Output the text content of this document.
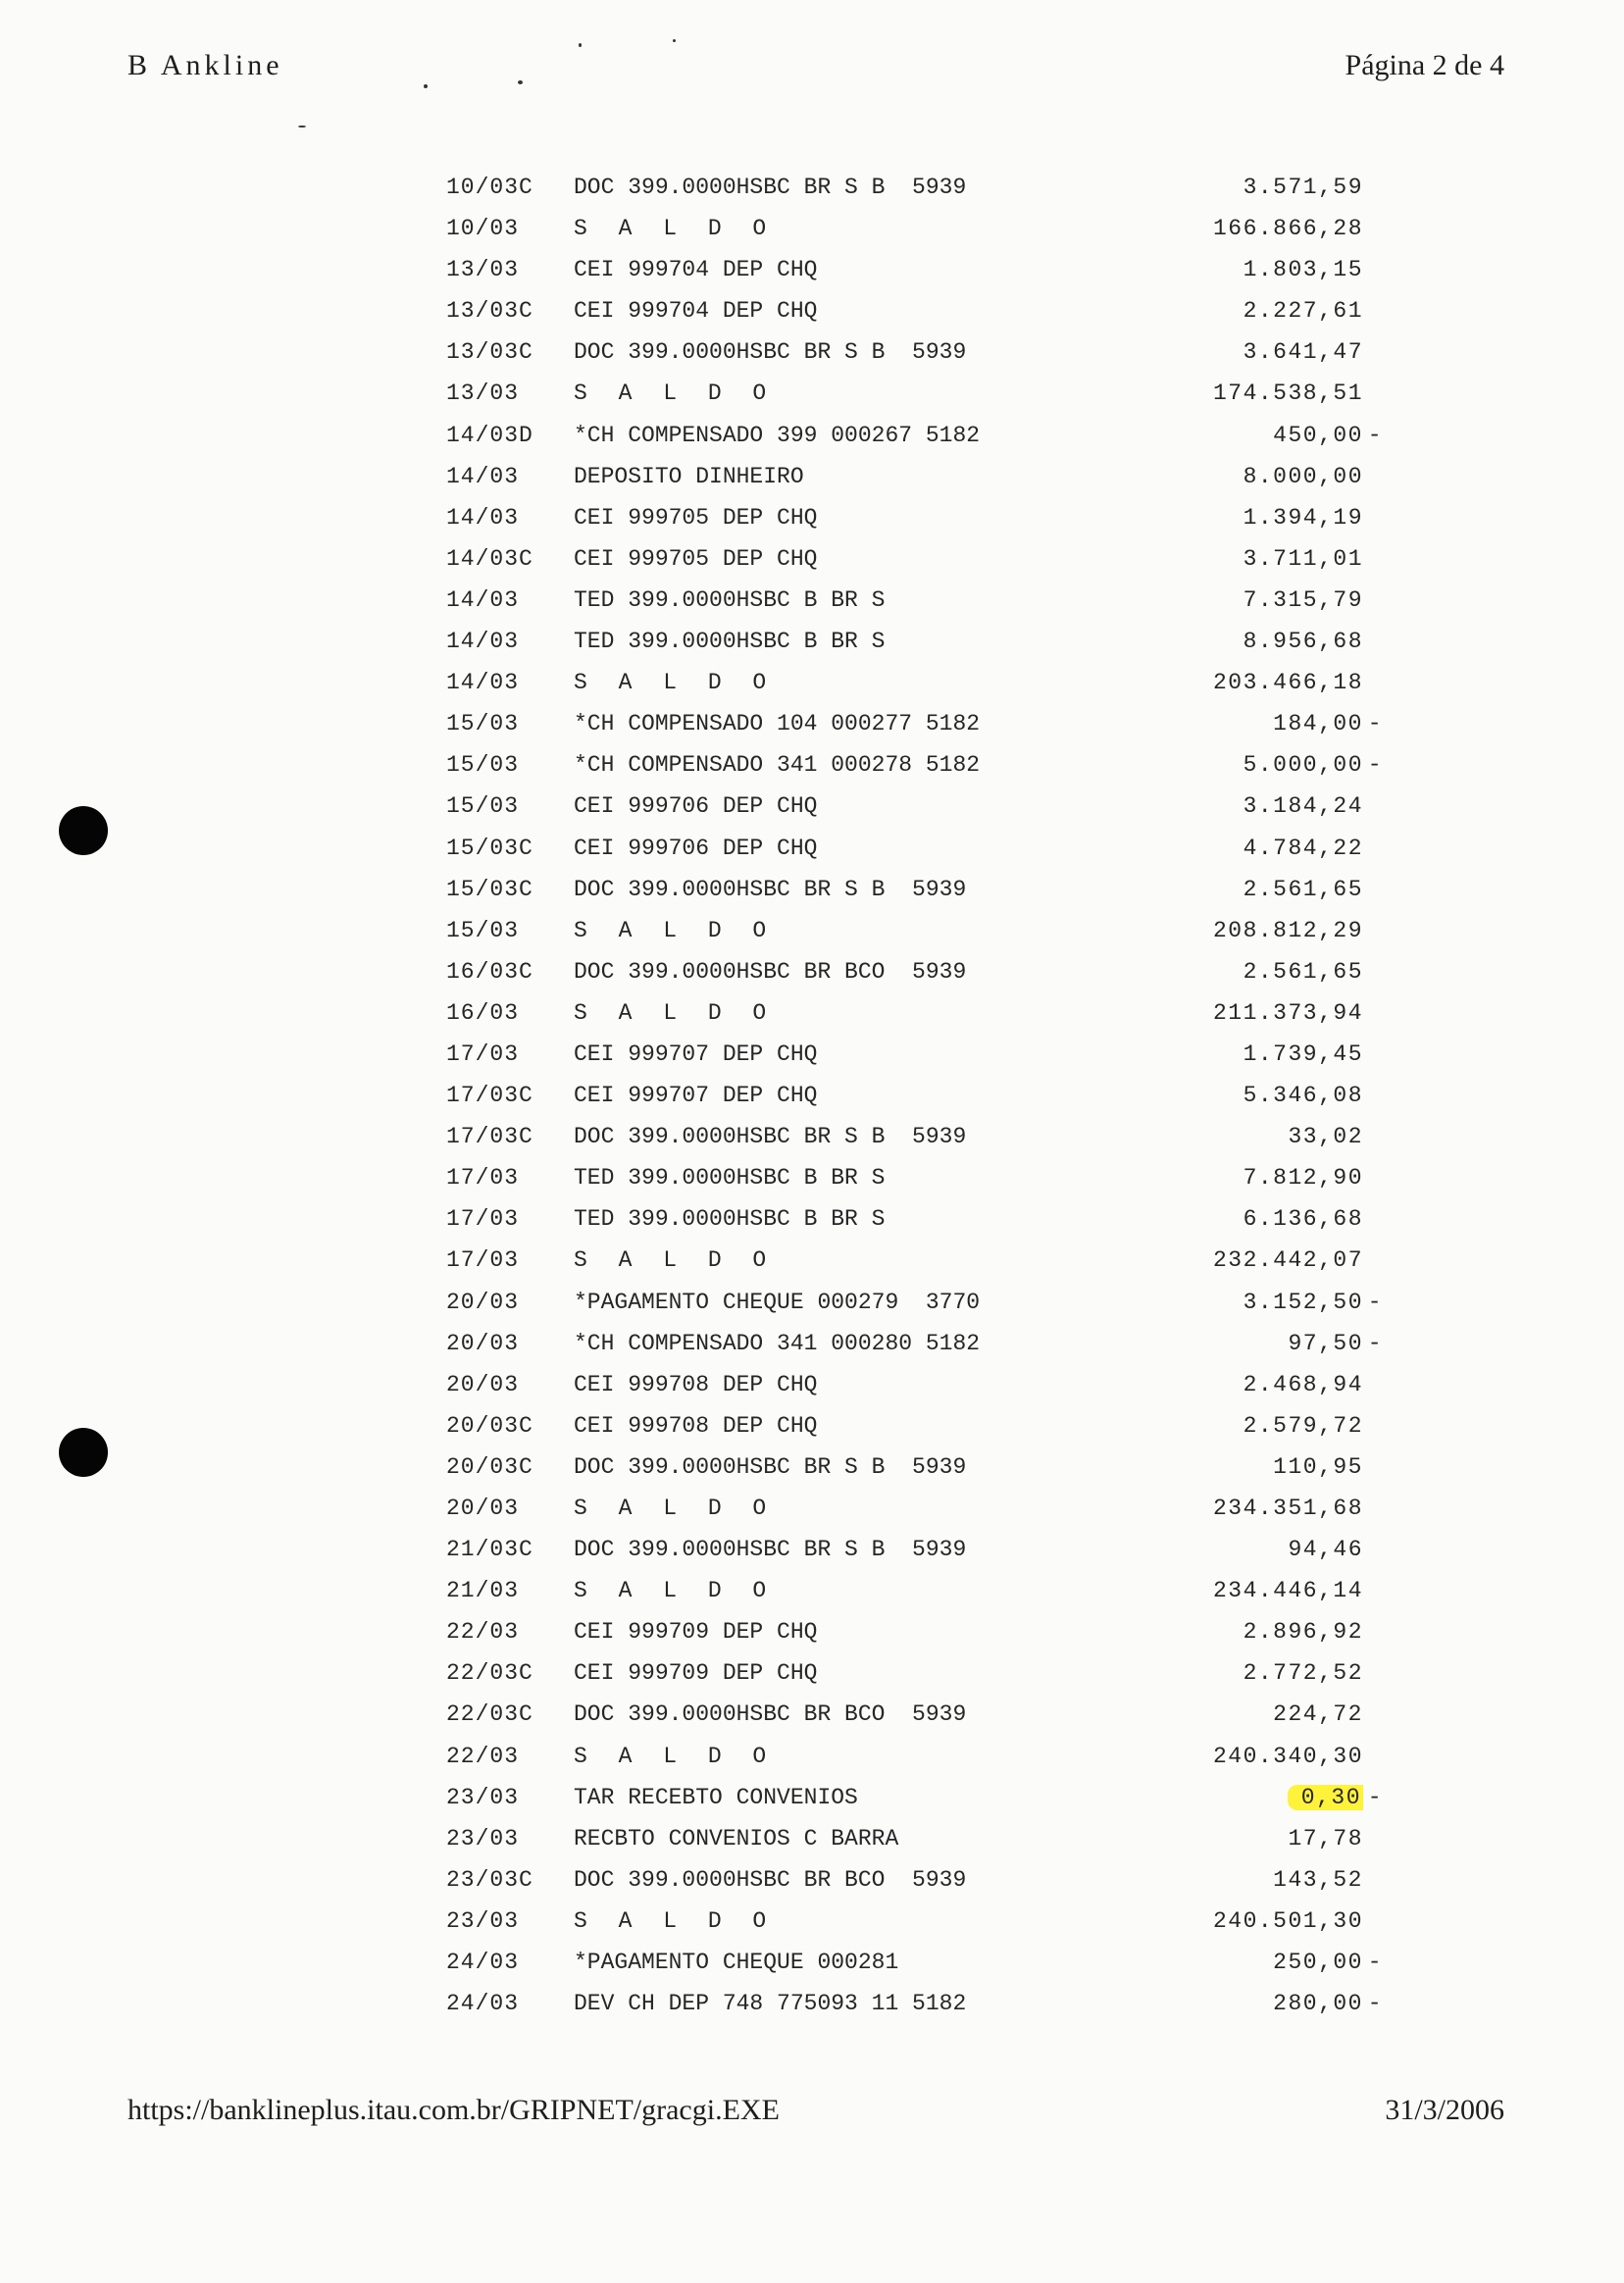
B Ankline	Página 2 de 4
10/03C DOC 399.0000HSBC BR S B  5939	3.571,59
10/03 S A L D O	166.866,28
13/03 CEI 999704 DEP CHQ	1.803,15
13/03C CEI 999704 DEP CHQ	2.227,61
13/03C DOC 399.0000HSBC BR S B  5939	3.641,47
13/03 S A L D O	174.538,51
14/03D *CH COMPENSADO 399 000267 5182	450,00 -
14/03 DEPOSITO DINHEIRO	8.000,00
14/03 CEI 999705 DEP CHQ	1.394,19
14/03C CEI 999705 DEP CHQ	3.711,01
14/03 TED 399.0000HSBC B BR S	7.315,79
14/03 TED 399.0000HSBC B BR S	8.956,68
14/03 S A L D O	203.466,18
15/03 *CH COMPENSADO 104 000277 5182	184,00 -
15/03 *CH COMPENSADO 341 000278 5182	5.000,00 -
15/03 CEI 999706 DEP CHQ	3.184,24
15/03C CEI 999706 DEP CHQ	4.784,22
15/03C DOC 399.0000HSBC BR S B  5939	2.561,65
15/03 S A L D O	208.812,29
16/03C DOC 399.0000HSBC BR BCO  5939	2.561,65
16/03 S A L D O	211.373,94
17/03 CEI 999707 DEP CHQ	1.739,45
17/03C CEI 999707 DEP CHQ	5.346,08
17/03C DOC 399.0000HSBC BR S B  5939	33,02
17/03 TED 399.0000HSBC B BR S	7.812,90
17/03 TED 399.0000HSBC B BR S	6.136,68
17/03 S A L D O	232.442,07
20/03 *PAGAMENTO CHEQUE 000279  3770	3.152,50 -
20/03 *CH COMPENSADO 341 000280 5182	97,50 -
20/03 CEI 999708 DEP CHQ	2.468,94
20/03C CEI 999708 DEP CHQ	2.579,72
20/03C DOC 399.0000HSBC BR S B  5939	110,95
20/03 S A L D O	234.351,68
21/03C DOC 399.0000HSBC BR S B  5939	94,46
21/03 S A L D O	234.446,14
22/03 CEI 999709 DEP CHQ	2.896,92
22/03C CEI 999709 DEP CHQ	2.772,52
22/03C DOC 399.0000HSBC BR BCO  5939	224,72
22/03 S A L D O	240.340,30
23/03 TAR RECEBTO CONVENIOS	0,30 -
23/03 RECBTO CONVENIOS C BARRA	17,78
23/03C DOC 399.0000HSBC BR BCO  5939	143,52
23/03 S A L D O	240.501,30
24/03 *PAGAMENTO CHEQUE 000281	250,00 -
24/03 DEV CH DEP 748 775093 11 5182	280,00 -
https://banklineplus.itau.com.br/GRIPNET/gracgi.EXE	31/3/2006
